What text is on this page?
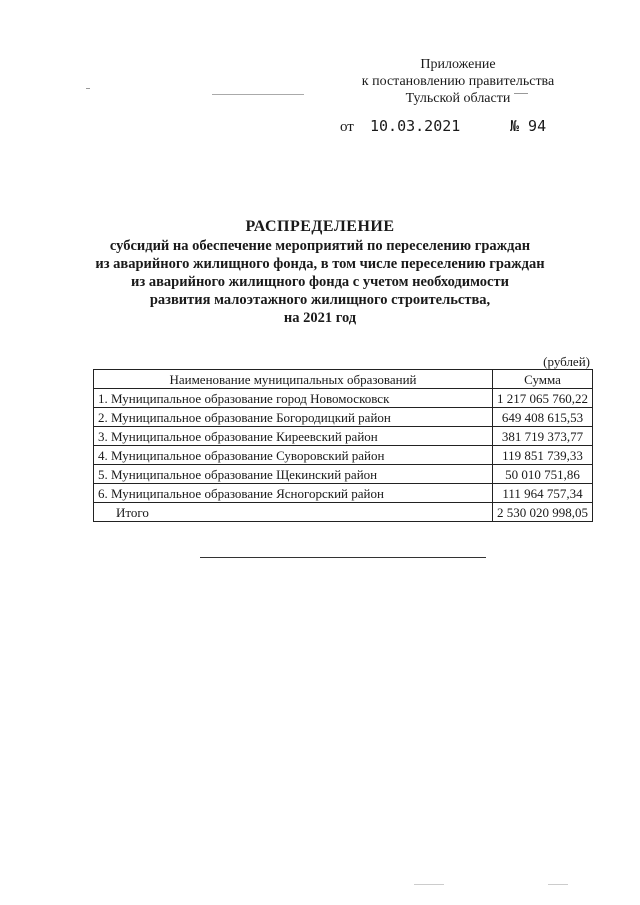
Приложение
к постановлению правительства
Тульской области
от 10.03.2021	№ 94
РАСПРЕДЕЛЕНИЕ
субсидий на обеспечение мероприятий по переселению граждан
из аварийного жилищного фонда, в том числе переселению граждан
из аварийного жилищного фонда с учетом необходимости
развития малоэтажного жилищного строительства,
на 2021 год
(рублей)
Наименование муниципальных образований	Сумма
1. Муниципальное образование город Новомосковск	1 217 065 760,22
2. Муниципальное образование Богородицкий район	649 408 615,53
3. Муниципальное образование Киреевский район	381 719 373,77
4. Муниципальное образование Суворовский район	119 851 739,33
5. Муниципальное образование Щекинский район	50 010 751,86
6. Муниципальное образование Ясногорский район	111 964 757,34
Итого	2 530 020 998,05
